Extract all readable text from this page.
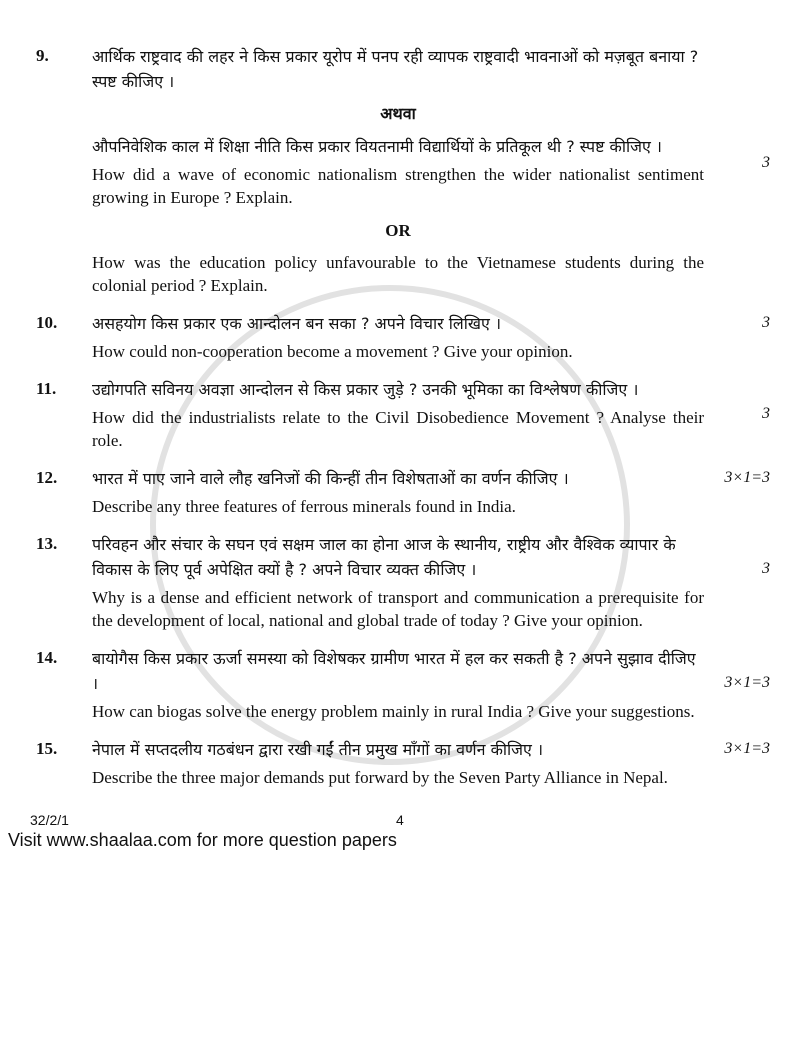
9.	आर्थिक राष्ट्रवाद की लहर ने किस प्रकार यूरोप में पनप रही व्यापक राष्ट्रवादी भावनाओं को मज़बूत बनाया ? स्पष्ट कीजिए ।
अथवा
औपनिवेशिक काल में शिक्षा नीति किस प्रकार वियतनामी विद्यार्थियों के प्रतिकूल थी ? स्पष्ट कीजिए ।
How did a wave of economic nationalism strengthen the wider nationalist sentiment growing in Europe ? Explain.
OR
How was the education policy unfavourable to the Vietnamese students during the colonial period ? Explain.
3
10.	असहयोग किस प्रकार एक आन्दोलन बन सका ? अपने विचार लिखिए ।
How could non-cooperation become a movement ? Give your opinion.
3
11.	उद्योगपति सविनय अवज्ञा आन्दोलन से किस प्रकार जुड़े ? उनकी भूमिका का विश्लेषण कीजिए ।
How did the industrialists relate to the Civil Disobedience Movement ? Analyse their role.
3
12.	भारत में पाए जाने वाले लौह खनिजों की किन्हीं तीन विशेषताओं का वर्णन कीजिए ।
Describe any three features of ferrous minerals found in India.
3×1=3
13.	परिवहन और संचार के सघन एवं सक्षम जाल का होना आज के स्थानीय, राष्ट्रीय और वैश्विक व्यापार के विकास के लिए पूर्व अपेक्षित क्यों है ? अपने विचार व्यक्त कीजिए ।
Why is a dense and efficient network of transport and communication a prerequisite for the development of local, national and global trade of today ? Give your opinion.
3
14.	बायोगैस किस प्रकार ऊर्जा समस्या को विशेषकर ग्रामीण भारत में हल कर सकती है ? अपने सुझाव दीजिए ।
How can biogas solve the energy problem mainly in rural India ? Give your suggestions.
3×1=3
15.	नेपाल में सप्तदलीय गठबंधन द्वारा रखी गईं तीन प्रमुख माँगों का वर्णन कीजिए ।
Describe the three major demands put forward by the Seven Party Alliance in Nepal.
3×1=3
32/2/1	4
Visit www.shaalaa.com for more question papers
